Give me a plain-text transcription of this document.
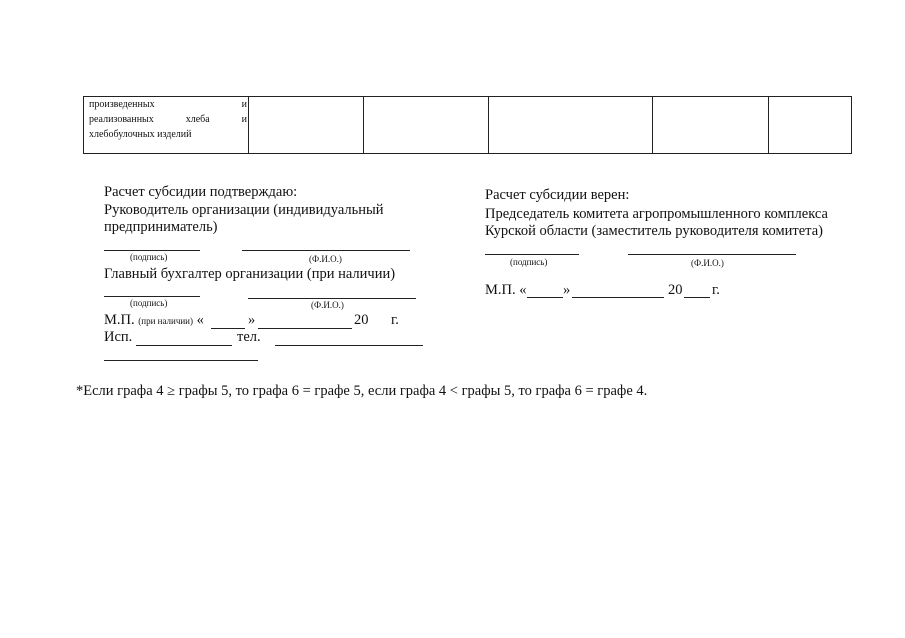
произведенных	и
реализованных	хлеба	и
хлебобулочных изделий
Расчет субсидии подтверждаю:
Руководитель организации (индивидуальный
предприниматель)
(подпись)	(Ф.И.О.)
Главный бухгалтер организации (при наличии)
(подпись)	(Ф.И.О.)
М.П. (при наличии) «	»	20 г.
Исп.	тел.
Расчет субсидии верен:
Председатель комитета агропромышленного комплекса
Курской области (заместитель руководителя комитета)
(подпись)	(Ф.И.О.)
М.П. «	»	20 г.
*Если графа 4 ≥ графы 5, то графа 6 = графе 5, если графа 4 < графы 5, то графа 6 = графе 4.
